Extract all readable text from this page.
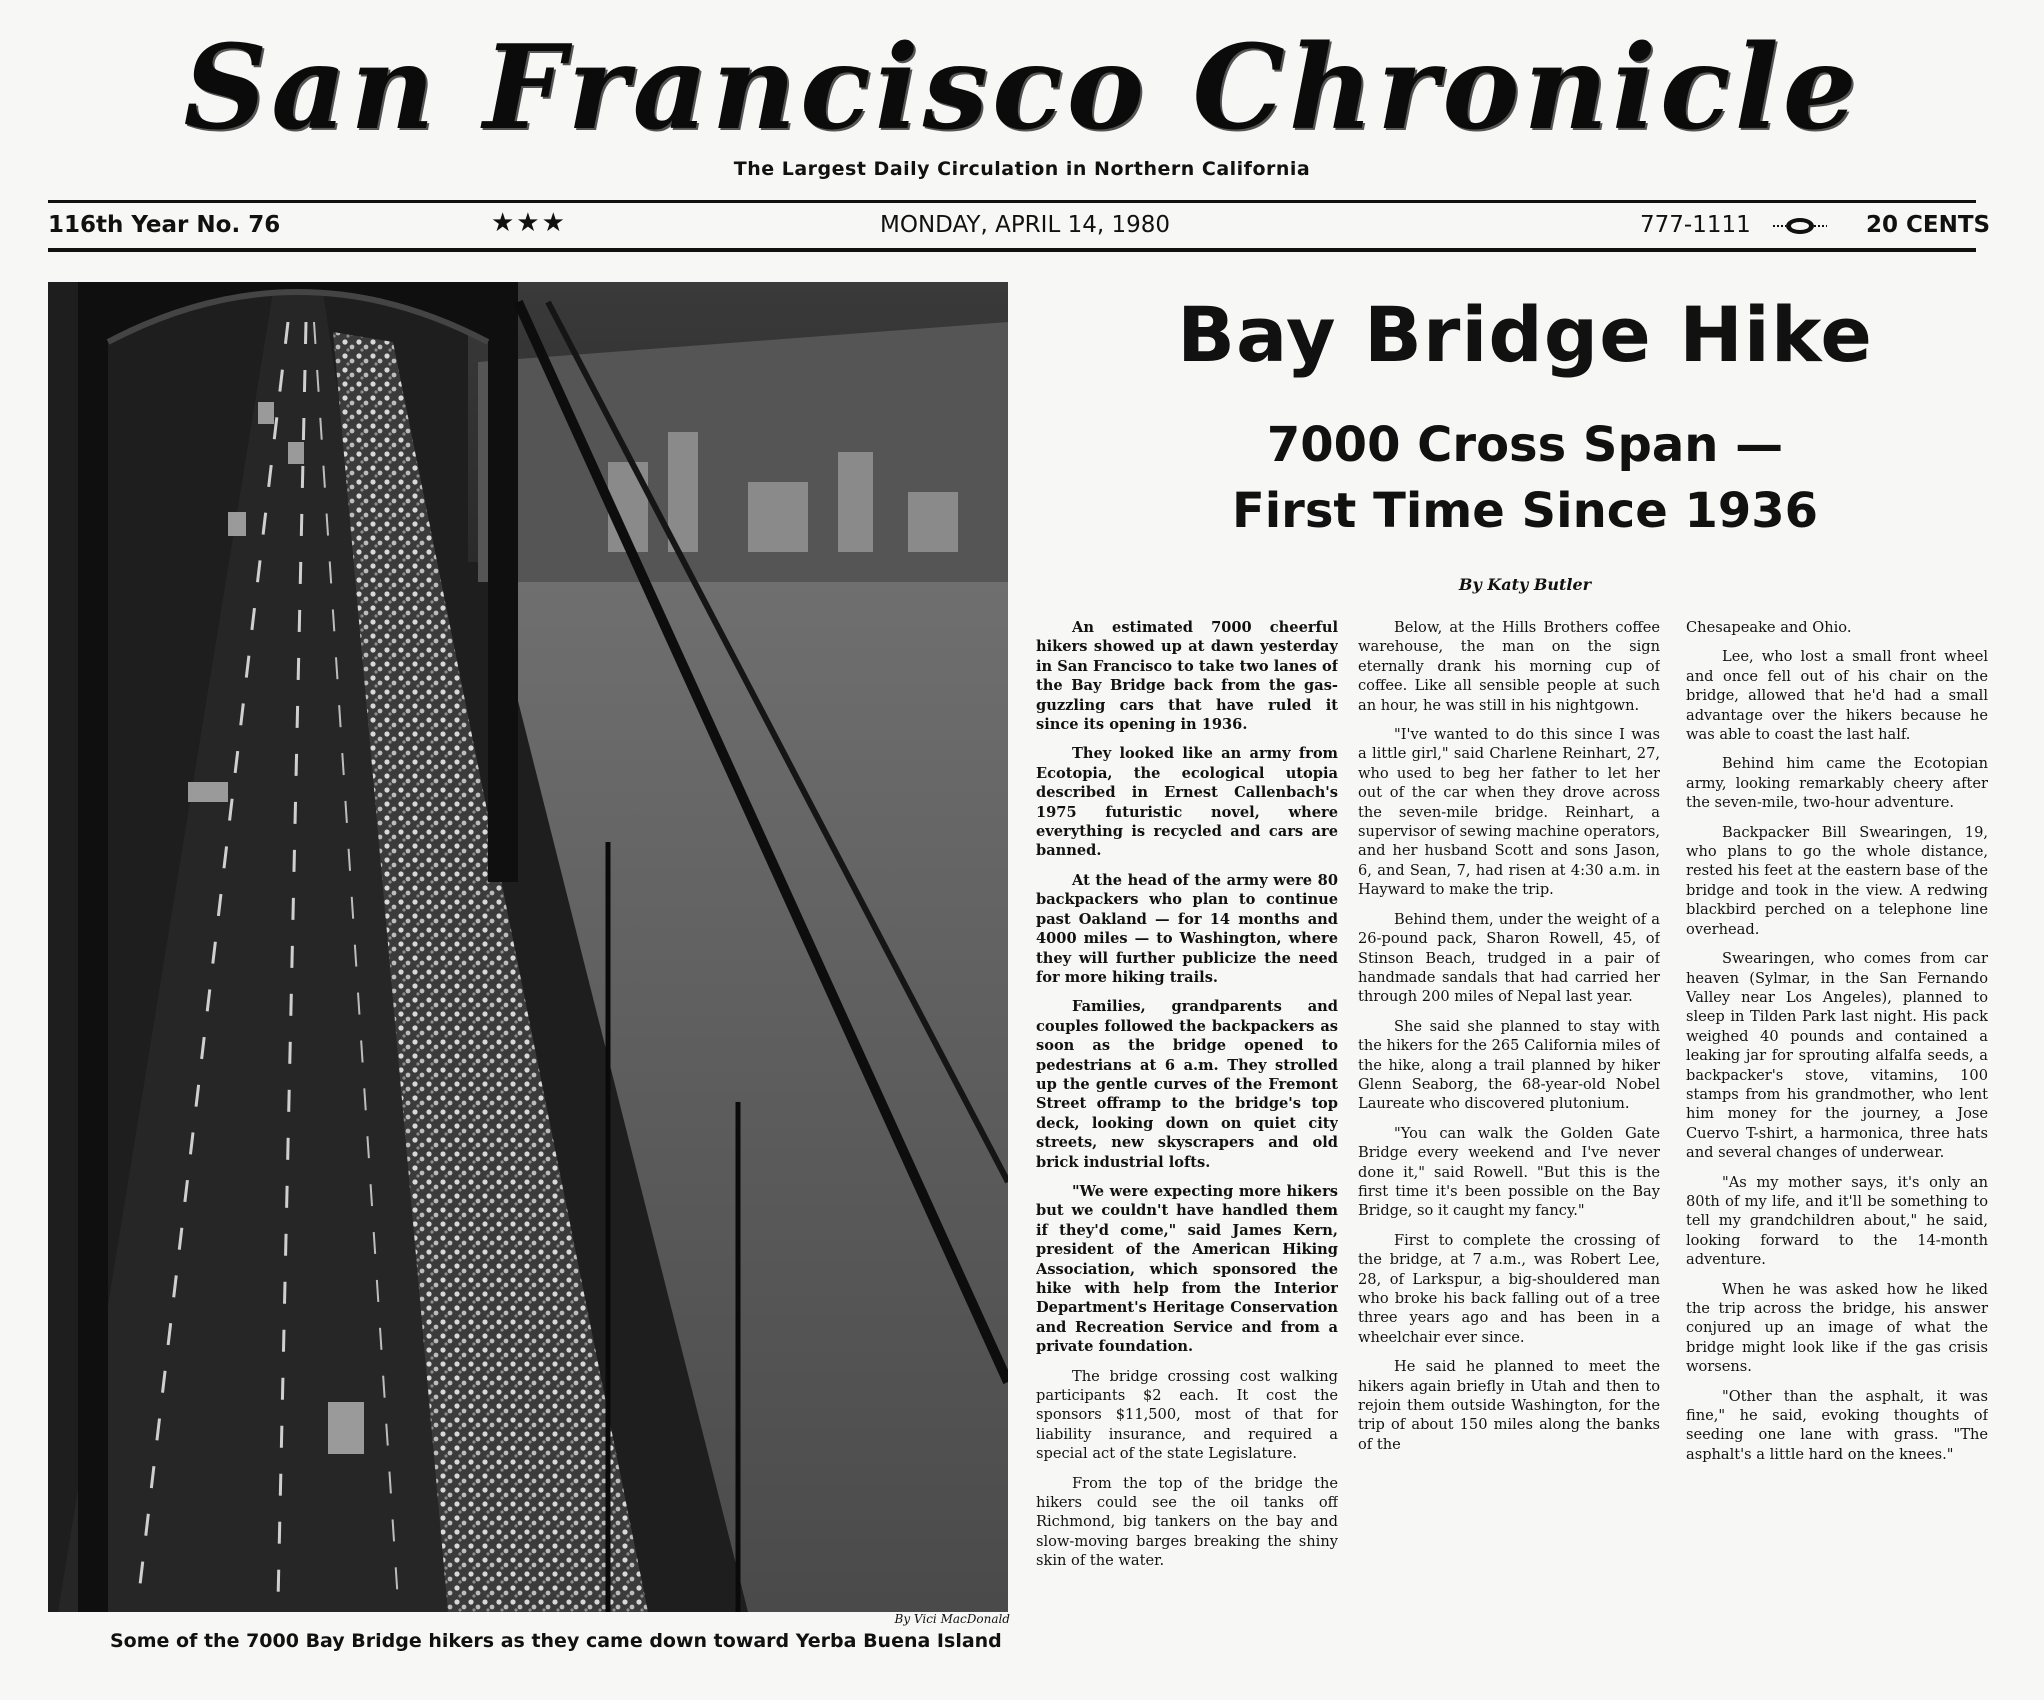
San Francisco Chronicle
The Largest Daily Circulation in Northern California
116th Year No. 76	★★★	MONDAY, APRIL 14, 1980	777-1111	20 CENTS
By Vici MacDonald
Some of the 7000 Bay Bridge hikers as they came down toward Yerba Buena Island
Bay Bridge Hike
7000 Cross Span —
First Time Since 1936
By Katy Butler

An estimated 7000 cheerful hikers showed up at dawn yesterday in San Francisco to take two lanes of the Bay Bridge back from the gas-guzzling cars that have ruled it since its opening in 1936.

They looked like an army from Ecotopia, the ecological utopia described in Ernest Callenbach's 1975 futuristic novel, where everything is recycled and cars are banned.

At the head of the army were 80 backpackers who plan to continue past Oakland — for 14 months and 4000 miles — to Washington, where they will further publicize the need for more hiking trails.

Families, grandparents and couples followed the backpackers as soon as the bridge opened to pedestrians at 6 a.m. They strolled up the gentle curves of the Fremont Street offramp to the bridge's top deck, looking down on quiet city streets, new skyscrapers and old brick industrial lofts.

"We were expecting more hikers but we couldn't have handled them if they'd come," said James Kern, president of the American Hiking Association, which sponsored the hike with help from the Interior Department's Heritage Conservation and Recreation Service and from a private foundation.

The bridge crossing cost walking participants $2 each. It cost the sponsors $11,500, most of that for liability insurance, and required a special act of the state Legislature.

From the top of the bridge the hikers could see the oil tanks off Richmond, big tankers on the bay and slow-moving barges breaking the shiny skin of the water.

Below, at the Hills Brothers coffee warehouse, the man on the sign eternally drank his morning cup of coffee. Like all sensible people at such an hour, he was still in his nightgown.

"I've wanted to do this since I was a little girl," said Charlene Reinhart, 27, who used to beg her father to let her out of the car when they drove across the seven-mile bridge. Reinhart, a supervisor of sewing machine operators, and her husband Scott and sons Jason, 6, and Sean, 7, had risen at 4:30 a.m. in Hayward to make the trip.

Behind them, under the weight of a 26-pound pack, Sharon Rowell, 45, of Stinson Beach, trudged in a pair of handmade sandals that had carried her through 200 miles of Nepal last year.

She said she planned to stay with the hikers for the 265 California miles of the hike, along a trail planned by hiker Glenn Seaborg, the 68-year-old Nobel Laureate who discovered plutonium.

"You can walk the Golden Gate Bridge every weekend and I've never done it," said Rowell. "But this is the first time it's been possible on the Bay Bridge, so it caught my fancy."

First to complete the crossing of the bridge, at 7 a.m., was Robert Lee, 28, of Larkspur, a big-shouldered man who broke his back falling out of a tree three years ago and has been in a wheelchair ever since.

He said he planned to meet the hikers again briefly in Utah and then to rejoin them outside Washington, for the trip of about 150 miles along the banks of the

Chesapeake and Ohio.

Lee, who lost a small front wheel and once fell out of his chair on the bridge, allowed that he'd had a small advantage over the hikers because he was able to coast the last half.

Behind him came the Ecotopian army, looking remarkably cheery after the seven-mile, two-hour adventure.

Backpacker Bill Swearingen, 19, who plans to go the whole distance, rested his feet at the eastern base of the bridge and took in the view. A redwing blackbird perched on a telephone line overhead.

Swearingen, who comes from car heaven (Sylmar, in the San Fernando Valley near Los Angeles), planned to sleep in Tilden Park last night. His pack weighed 40 pounds and contained a leaking jar for sprouting alfalfa seeds, a backpacker's stove, vitamins, 100 stamps from his grandmother, who lent him money for the journey, a Jose Cuervo T-shirt, a harmonica, three hats and several changes of underwear.

"As my mother says, it's only an 80th of my life, and it'll be something to tell my grandchildren about," he said, looking forward to the 14-month adventure.

When he was asked how he liked the trip across the bridge, his answer conjured up an image of what the bridge might look like if the gas crisis worsens.

"Other than the asphalt, it was fine," he said, evoking thoughts of seeding one lane with grass. "The asphalt's a little hard on the knees."
